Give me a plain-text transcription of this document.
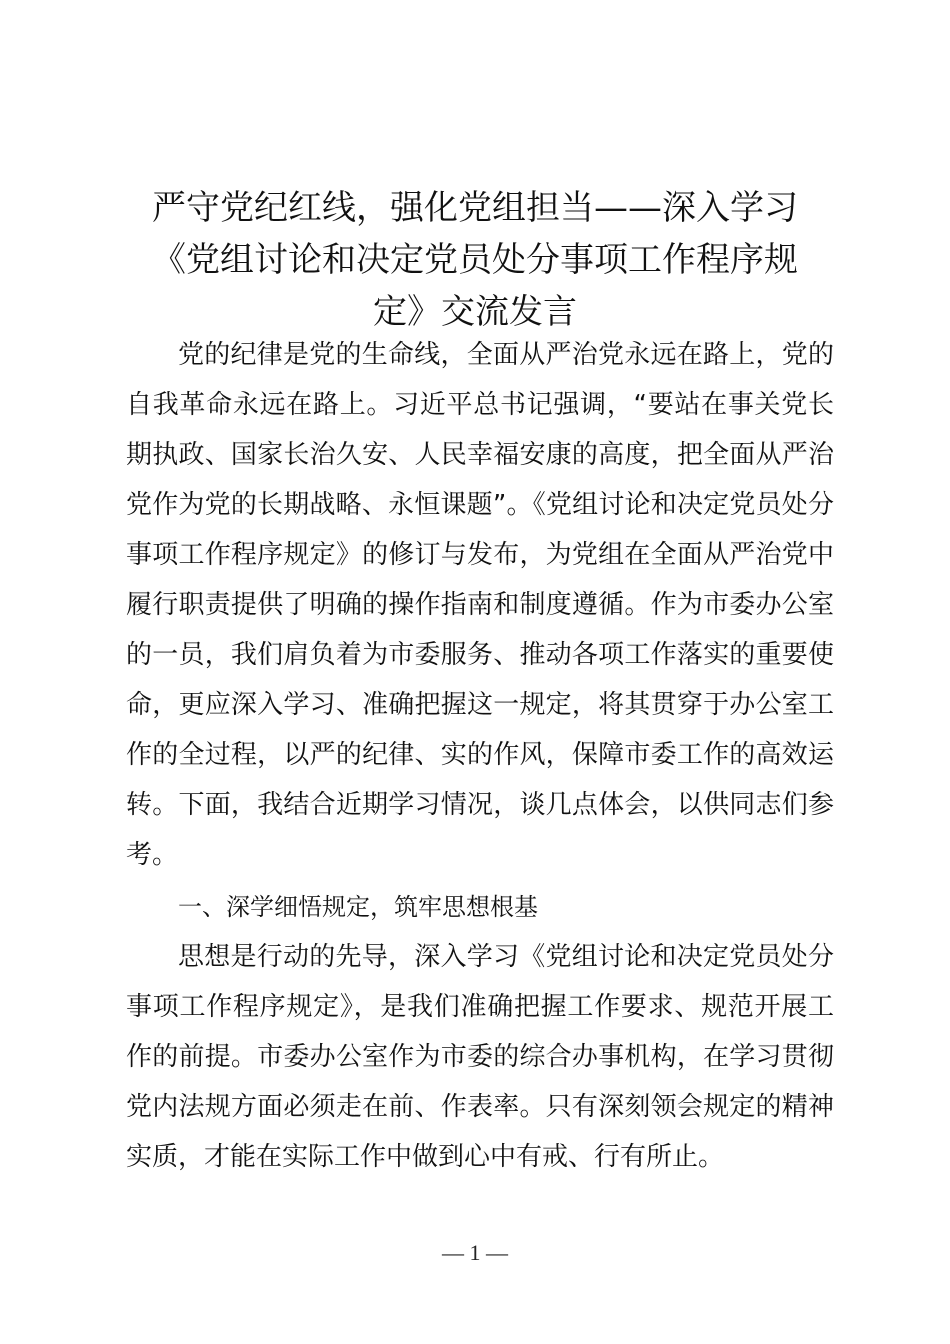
严守党纪红线，强化党组担当——深入学习
《党组讨论和决定党员处分事项工作程序规
定》交流发言

党的纪律是党的生命线，全面从严治党永远在路上，党的自我革命永远在路上。习近平总书记强调，“要站在事关党长期执政、国家长治久安、人民幸福安康的高度，把全面从严治党作为党的长期战略、永恒课题”。《党组讨论和决定党员处分事项工作程序规定》的修订与发布，为党组在全面从严治党中履行职责提供了明确的操作指南和制度遵循。作为市委办公室的一员，我们肩负着为市委服务、推动各项工作落实的重要使命，更应深入学习、准确把握这一规定，将其贯穿于办公室工作的全过程，以严的纪律、实的作风，保障市委工作的高效运转。下面，我结合近期学习情况，谈几点体会，以供同志们参考。

一、深学细悟规定，筑牢思想根基

思想是行动的先导，深入学习《党组讨论和决定党员处分事项工作程序规定》，是我们准确把握工作要求、规范开展工作的前提。市委办公室作为市委的综合办事机构，在学习贯彻党内法规方面必须走在前、作表率。只有深刻领会规定的精神实质，才能在实际工作中做到心中有戒、行有所止。

— 1 —
